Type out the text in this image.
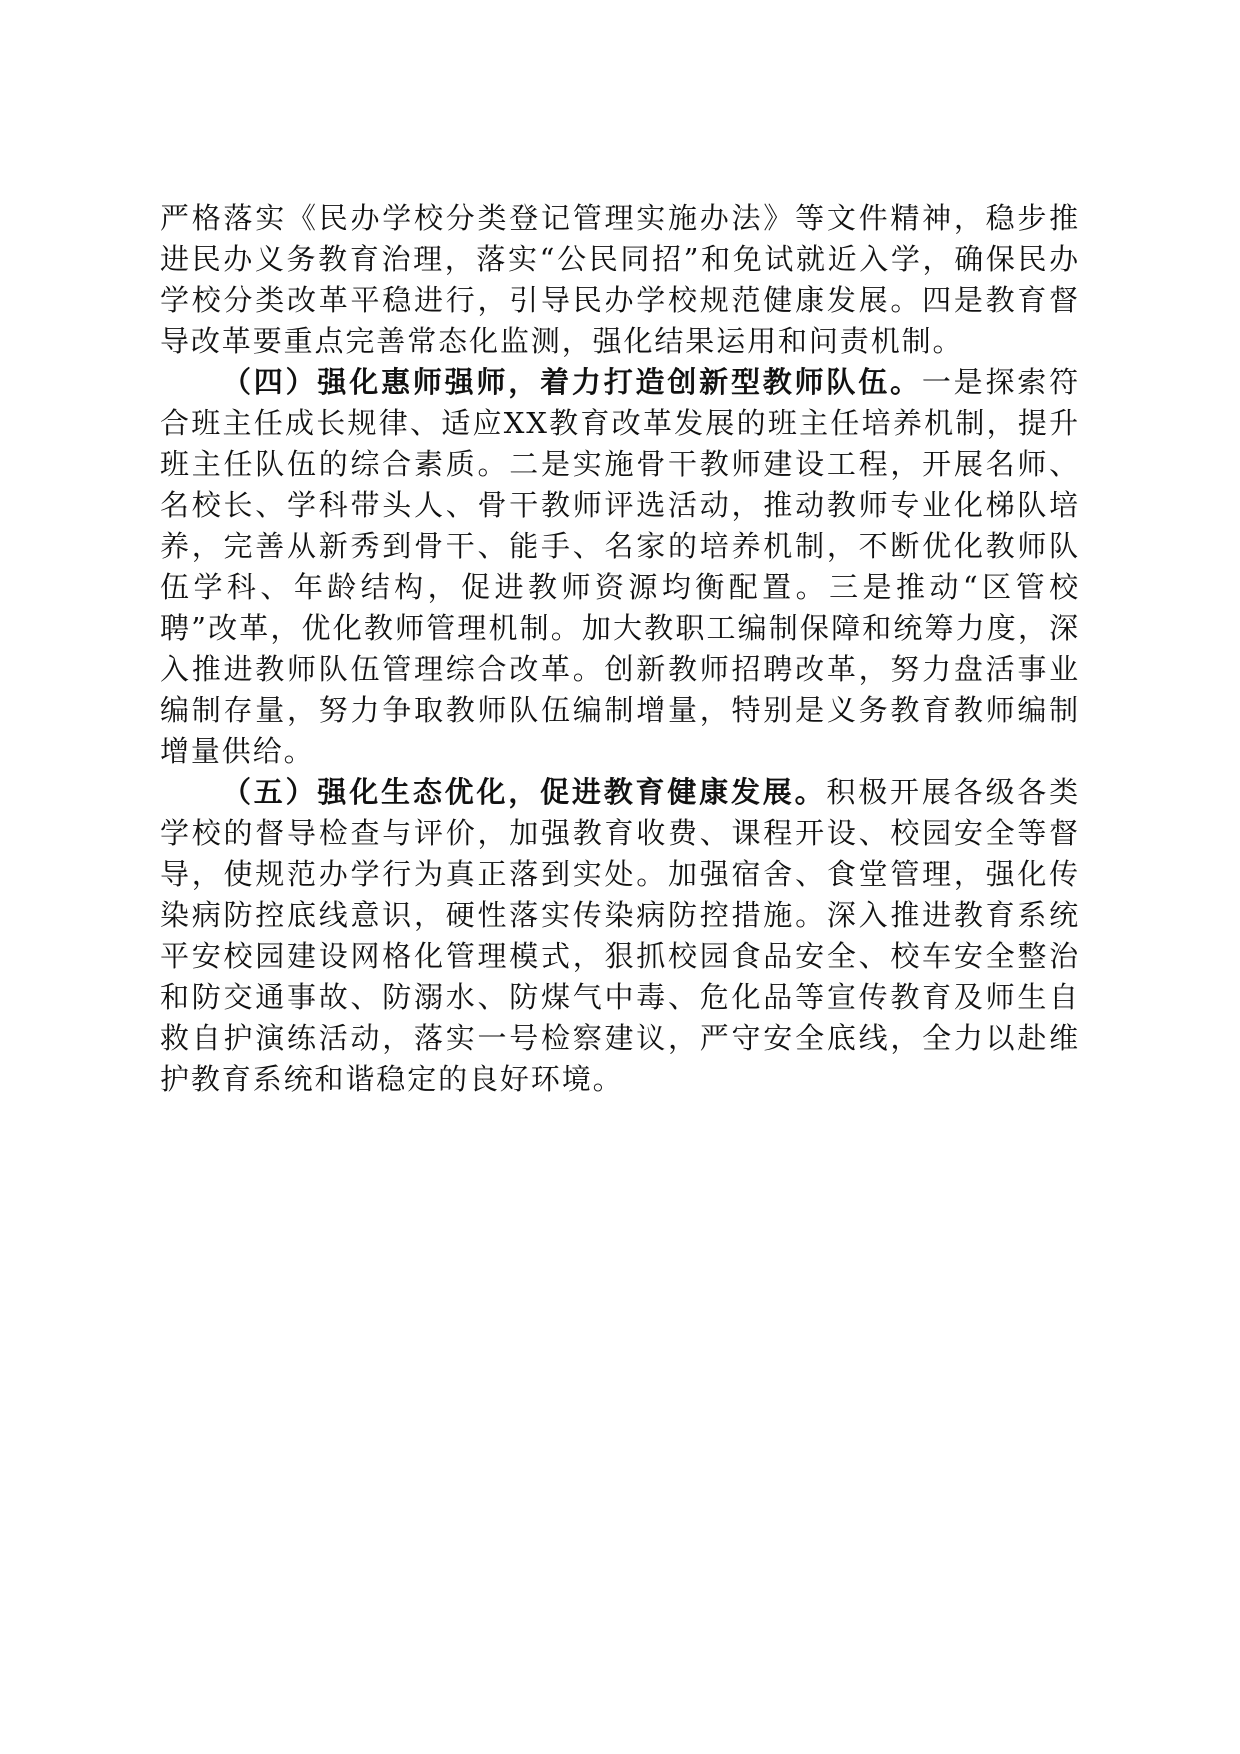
严格落实《民办学校分类登记管理实施办法》等文件精神，稳步推进民办义务教育治理，落实“公民同招”和免试就近入学，确保民办学校分类改革平稳进行，引导民办学校规范健康发展。四是教育督导改革要重点完善常态化监测，强化结果运用和问责机制。

（四）强化惠师强师，着力打造创新型教师队伍。一是探索符合班主任成长规律、适应XX教育改革发展的班主任培养机制，提升班主任队伍的综合素质。二是实施骨干教师建设工程，开展名师、名校长、学科带头人、骨干教师评选活动，推动教师专业化梯队培养，完善从新秀到骨干、能手、名家的培养机制，不断优化教师队伍学科、年龄结构，促进教师资源均衡配置。三是推动“区管校聘”改革，优化教师管理机制。加大教职工编制保障和统筹力度，深入推进教师队伍管理综合改革。创新教师招聘改革，努力盘活事业编制存量，努力争取教师队伍编制增量，特别是义务教育教师编制增量供给。

（五）强化生态优化，促进教育健康发展。积极开展各级各类学校的督导检查与评价，加强教育收费、课程开设、校园安全等督导，使规范办学行为真正落到实处。加强宿舍、食堂管理，强化传染病防控底线意识，硬性落实传染病防控措施。深入推进教育系统平安校园建设网格化管理模式，狠抓校园食品安全、校车安全整治和防交通事故、防溺水、防煤气中毒、危化品等宣传教育及师生自救自护演练活动，落实一号检察建议，严守安全底线，全力以赴维护教育系统和谐稳定的良好环境。
